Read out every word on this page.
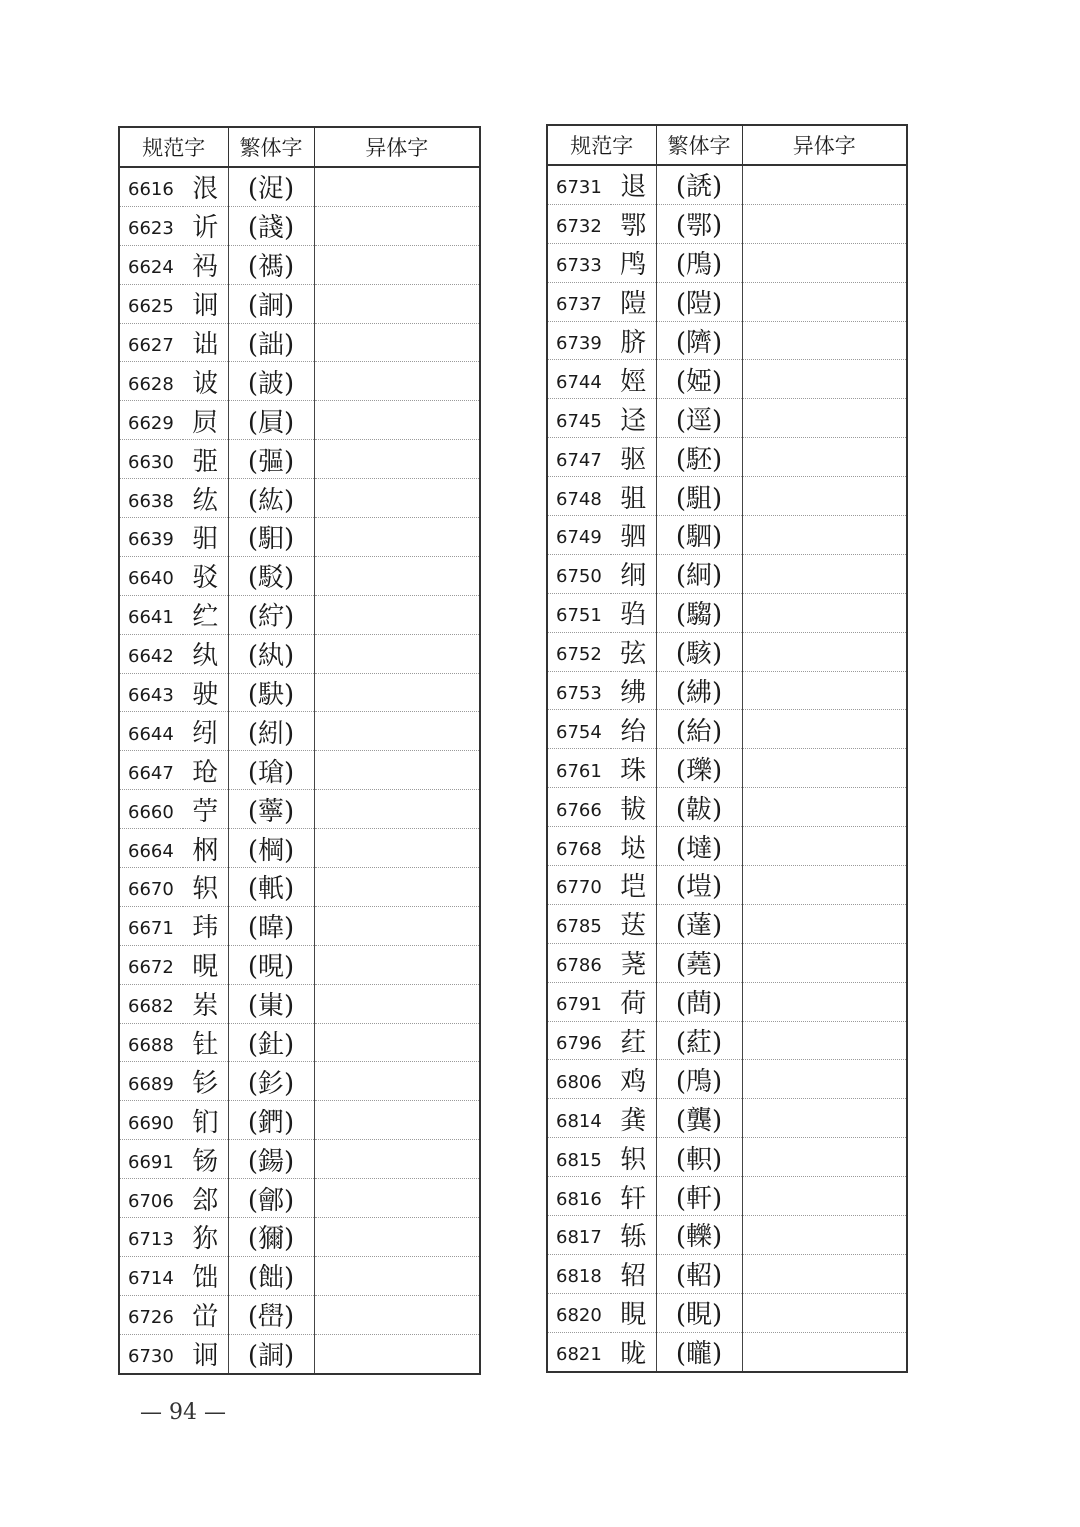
规范字		繁体字	异体字
6616	泿	(浞)	
6623	䜣	(諓)	
6624	祃	(禡)	
6625	诇	(詗)	
6627	诎	(詘)	
6628	诐	(詖)	
6629	屃	(屓)	
6630	弫	(彄)	
6638	纮	(紘)	
6639	驲	(馹)	
6640	驳	(駁)	
6641	纻	(紵)	
6642	纨	(紈)	
6643	驶	(駃)	
6644	纼	(紖)	
6647	玱	(瑲)	
6660	苧	(薴)	
6664	㭎	(棡)	
6670	轵	(軝)	
6671	玮	(暐)	
6672	晛	(晛)	
6682	岽	(崬)	
6688	钍	(釷)	
6689	钐	(釤)	
6690	钔	(鍆)	
6691	钖	(鍚)	
6706	郐	(鄶)	
6713	狝	(獮)	
6714	饳	(飿)	
6726	峃	(嶨)	
6730	诇	(詷)	
规范字		繁体字	异体字
6731	退	(䛢)	
6732	鄂	(鄂)	
6733	鸤	(鳲)	
6737	隑	(隑)	
6739	脐	(隮)	
6744	娙	(婭)	
6745	迳	(逕)	
6747	驱	(駓)	
6748	驵	(駔)	
6749	驷	(駟)	
6750	䌹	(絅)	
6751	驺	(騶)	
6752	弦	(駭)	
6753	绋	(紼)	
6754	绐	(紿)	
6761	珠	(瓅)	
6766	韨	(韍)	
6768	垯	(墶)	
6770	垲	(塏)	
6785	荙	(薘)	
6786	荛	(蕘)	
6791	荷	(蔄)	
6796	荭	(葒)	
6806	鸡	(鳲)	
6814	龚	(龔)	
6815	轵	(軹)	
6816	轩	(軒)	
6817	轹	(轢)	
6818	轺	(軺)	
6820	睍	(睍)	
6821	昽	(曨)	
— 94 —
